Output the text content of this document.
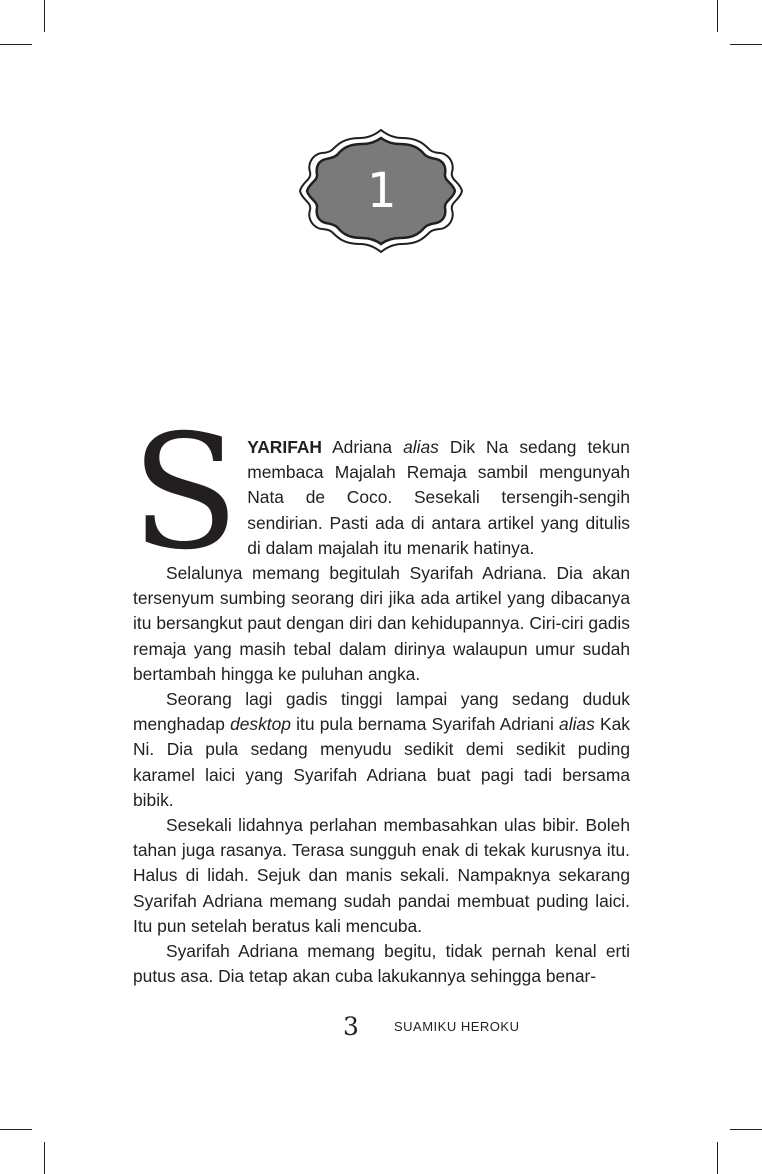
1

SYARIFAH Adriana alias Dik Na sedang tekun membaca Majalah Remaja sambil mengunyah Nata de Coco. Sesekali tersengih-sengih sendirian. Pasti ada di antara artikel yang ditulis di dalam majalah itu menarik hatinya.

Selalunya memang begitulah Syarifah Adriana. Dia akan tersenyum sumbing seorang diri jika ada artikel yang dibacanya itu bersangkut paut dengan diri dan kehidupannya. Ciri-ciri gadis remaja yang masih tebal dalam dirinya walaupun umur sudah bertambah hingga ke puluhan angka.

Seorang lagi gadis tinggi lampai yang sedang duduk menghadap desktop itu pula bernama Syarifah Adriani alias Kak Ni. Dia pula sedang menyudu sedikit demi sedikit puding karamel laici yang Syarifah Adriana buat pagi tadi bersama bibik.

Sesekali lidahnya perlahan membasahkan ulas bibir. Boleh tahan juga rasanya. Terasa sungguh enak di tekak kurusnya itu. Halus di lidah. Sejuk dan manis sekali. Nampaknya sekarang Syarifah Adriana memang sudah pandai membuat puding laici. Itu pun setelah beratus kali mencuba.

Syarifah Adriana memang begitu, tidak pernah kenal erti putus asa. Dia tetap akan cuba lakukannya sehingga benar-

3	SUAMIKU HEROKU
